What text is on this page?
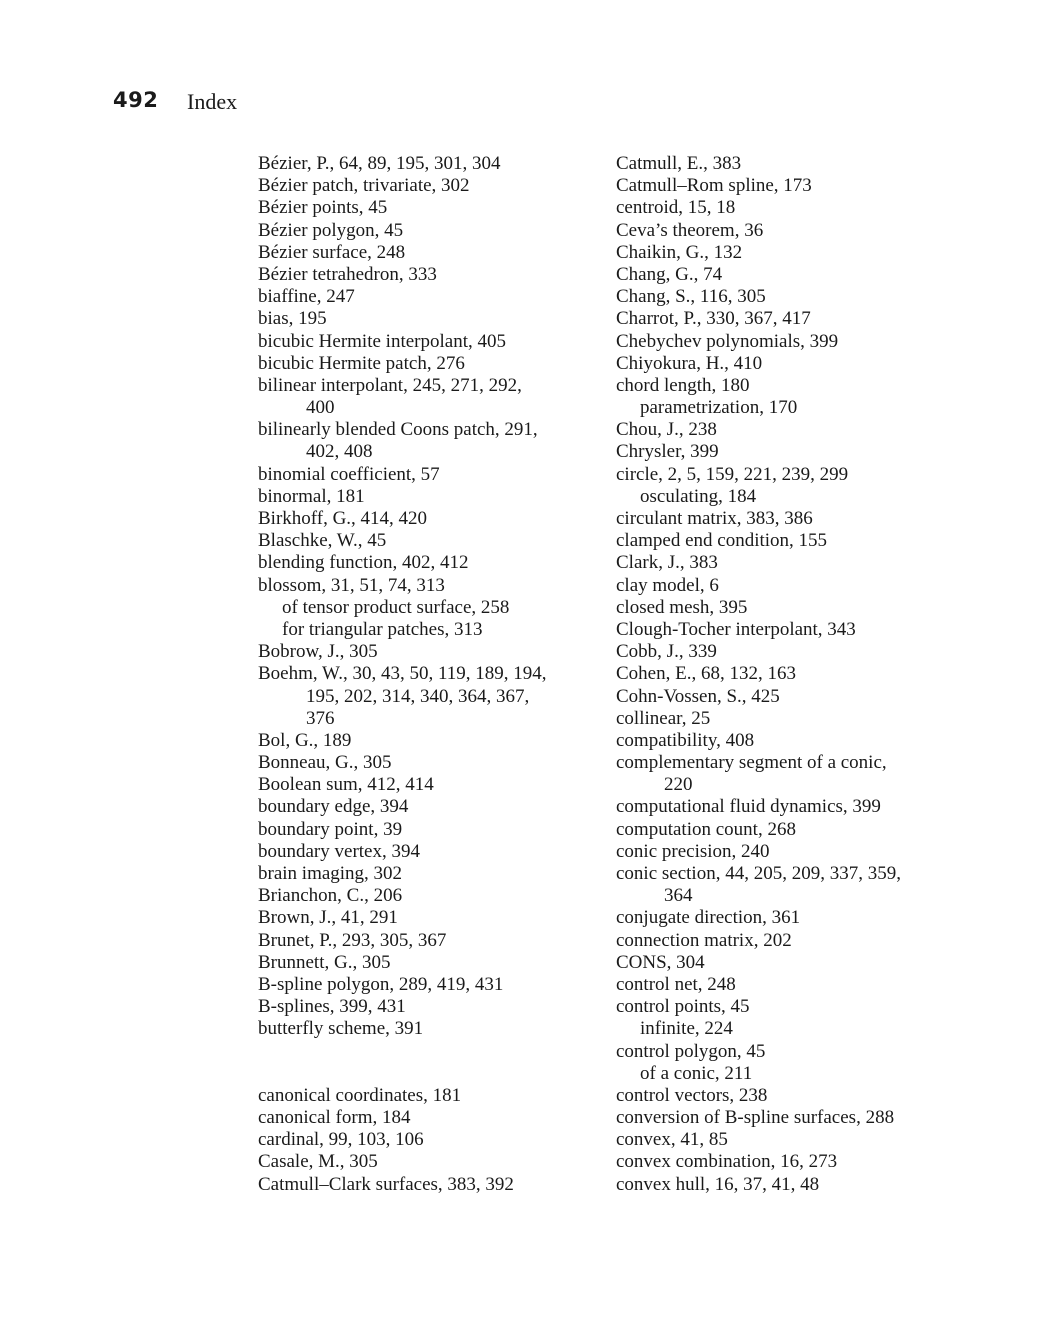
492 Index
Bézier, P., 64, 89, 195, 301, 304
Bézier patch, trivariate, 302
Bézier points, 45
Bézier polygon, 45
Bézier surface, 248
Bézier tetrahedron, 333
biaffine, 247
bias, 195
bicubic Hermite interpolant, 405
bicubic Hermite patch, 276
bilinear interpolant, 245, 271, 292,
400
bilinearly blended Coons patch, 291,
402, 408
binomial coefficient, 57
binormal, 181
Birkhoff, G., 414, 420
Blaschke, W., 45
blending function, 402, 412
blossom, 31, 51, 74, 313
of tensor product surface, 258
for triangular patches, 313
Bobrow, J., 305
Boehm, W., 30, 43, 50, 119, 189, 194,
195, 202, 314, 340, 364, 367,
376
Bol, G., 189
Bonneau, G., 305
Boolean sum, 412, 414
boundary edge, 394
boundary point, 39
boundary vertex, 394
brain imaging, 302
Brianchon, C., 206
Brown, J., 41, 291
Brunet, P., 293, 305, 367
Brunnett, G., 305
B-spline polygon, 289, 419, 431
B-splines, 399, 431
butterfly scheme, 391
canonical coordinates, 181
canonical form, 184
cardinal, 99, 103, 106
Casale, M., 305
Catmull–Clark surfaces, 383, 392
Catmull, E., 383
Catmull–Rom spline, 173
centroid, 15, 18
Ceva’s theorem, 36
Chaikin, G., 132
Chang, G., 74
Chang, S., 116, 305
Charrot, P., 330, 367, 417
Chebychev polynomials, 399
Chiyokura, H., 410
chord length, 180
parametrization, 170
Chou, J., 238
Chrysler, 399
circle, 2, 5, 159, 221, 239, 299
osculating, 184
circulant matrix, 383, 386
clamped end condition, 155
Clark, J., 383
clay model, 6
closed mesh, 395
Clough-Tocher interpolant, 343
Cobb, J., 339
Cohen, E., 68, 132, 163
Cohn-Vossen, S., 425
collinear, 25
compatibility, 408
complementary segment of a conic,
220
computational fluid dynamics, 399
computation count, 268
conic precision, 240
conic section, 44, 205, 209, 337, 359,
364
conjugate direction, 361
connection matrix, 202
CONS, 304
control net, 248
control points, 45
infinite, 224
control polygon, 45
of a conic, 211
control vectors, 238
conversion of B-spline surfaces, 288
convex, 41, 85
convex combination, 16, 273
convex hull, 16, 37, 41, 48
